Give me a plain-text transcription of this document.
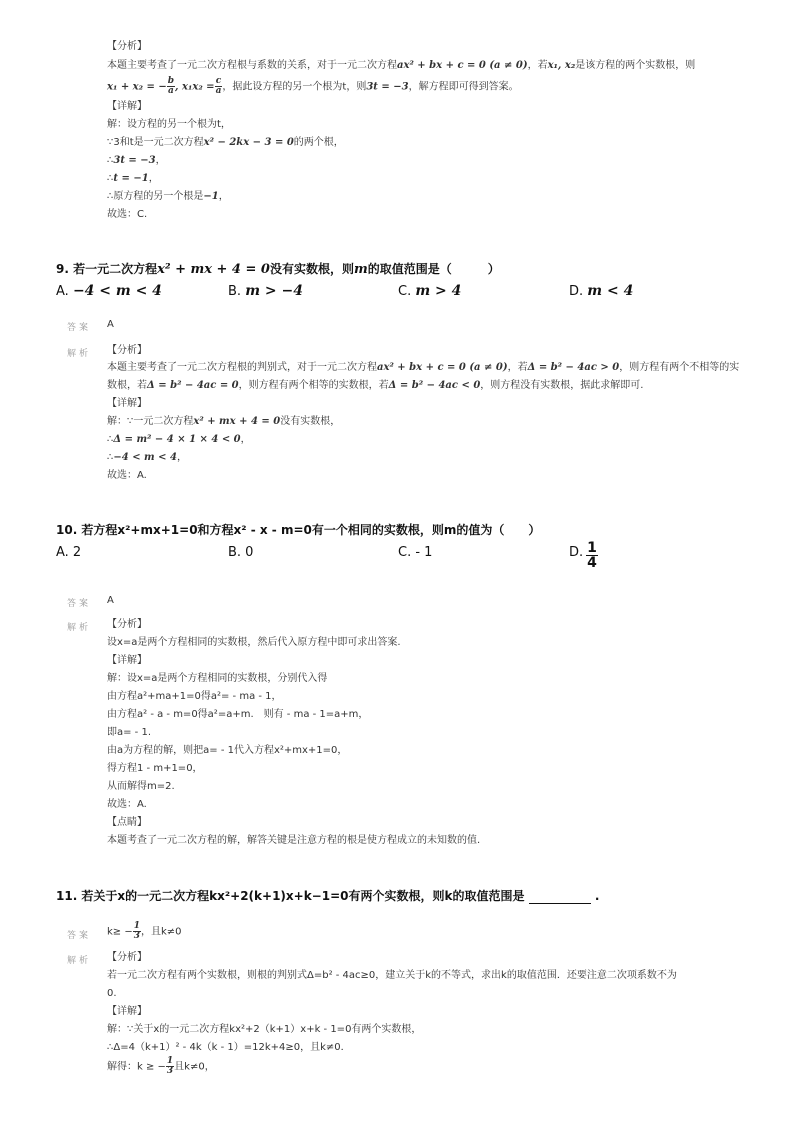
【分析】
本题主要考查了一元二次方程根与系数的关系，对于一元二次方程ax² + bx + c = 0 (a ≠ 0)，若x₁, x₂是该方程的两个实数根，则
x₁ + x₂ = − $\frac{b}{a}$ , $x_1x_2 = \frac{c}{a}$ ，据此设方程的另一个根为t，则3t = −3，解方程即可得到答案。
【详解】
解：设方程的另一个根为t，
∵3和t是一元二次方程x² − 2kx − 3 = 0的两个根，
∴3t = −3，
∴t = −1，
∴原方程的另一个根是−1，
故选：C.
9. 若一元二次方程x² + mx + 4 = 0没有实数根，则m的取值范围是（　　　）
A. −4 < m < 4	B. m > −4	C. m > 4	D. m < 4
答案 A
解析 【分析】
本题主要考查了一元二次方程根的判别式，对于一元二次方程ax² + bx + c = 0 (a ≠ 0)，若Δ = b² − 4ac > 0，则方程有两个不相等的实
数根，若Δ = b² − 4ac = 0，则方程有两个相等的实数根，若Δ = b² − 4ac < 0，则方程没有实数根，据此求解即可.
【详解】
解：∵一元二次方程x² + mx + 4 = 0没有实数根，
∴Δ = m² − 4 × 1 × 4 < 0，
∴−4 < m < 4，
故选：A.
10. 若方程x²+mx+1=0和方程x² - x - m=0有一个相同的实数根，则m的值为（　　）
A. 2	B. 0	C. - 1	D. $\frac{1}{4}$
答案 A
解析 【分析】
设x=a是两个方程相同的实数根，然后代入原方程中即可求出答案.
【详解】
解：设x=a是两个方程相同的实数根，分别代入得
由方程a²+ma+1=0得a²= - ma - 1，
由方程a² - a - m=0得a²=a+m.　则有 - ma - 1=a+m，
即a= - 1.
由a为方程的解，则把a= - 1代入方程x²+mx+1=0，
得方程1 - m+1=0，
从而解得m=2.
故选：A.
【点睛】
本题考查了一元二次方程的解，解答关键是注意方程的根是使方程成立的未知数的值.
11. 若关于x的一元二次方程kx²+2(k+1)x+k−1=0有两个实数根，则k的取值范围是	.
答案 $k\ge - \frac{1}{3}$ ，且k≠0
解析 【分析】
若一元二次方程有两个实数根，则根的判别式Δ=b² - 4ac≥0，建立关于k的不等式，求出k的取值范围．还要注意二次项系数不为
0.
【详解】
解：∵关于x的一元二次方程kx²+2（k+1）x+k - 1=0有两个实数根，
∴Δ=4（k+1）² - 4k（k - 1）=12k+4≥0，且k≠0．
解得：k ≥ − $\frac{1}{3}$ 且k≠0，
